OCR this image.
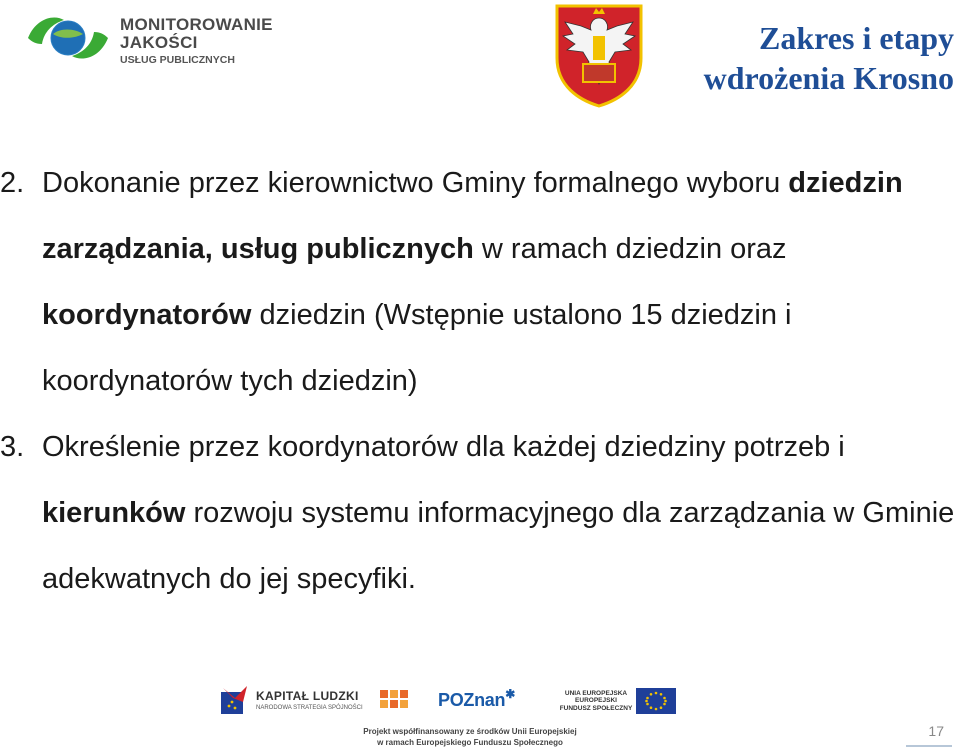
MONITOROWANIE
JAKOŚCI
USŁUG PUBLICZNYCH
Zakres i etapy
wdrożenia Krosno
2. Dokonanie przez kierownictwo Gminy formalnego wyboru dziedzin zarządzania, usług publicznych w ramach dziedzin oraz koordynatorów dziedzin (Wstępnie ustalono 15 dziedzin i koordynatorów tych dziedzin)
3. Określenie przez koordynatorów dla każdej dziedziny potrzeb i kierunków rozwoju systemu informacyjnego dla zarządzania w Gminie adekwatnych do jej specyfiki.
KAPITAŁ LUDZKI
NARODOWA STRATEGIA SPÓJNOŚCI	POZnan✱	UNIA EUROPEJSKA
EUROPEJSKI
FUNDUSZ SPOŁECZNY
Projekt współfinansowany ze środków Unii Europejskiej
w ramach Europejskiego Funduszu Społecznego
17
